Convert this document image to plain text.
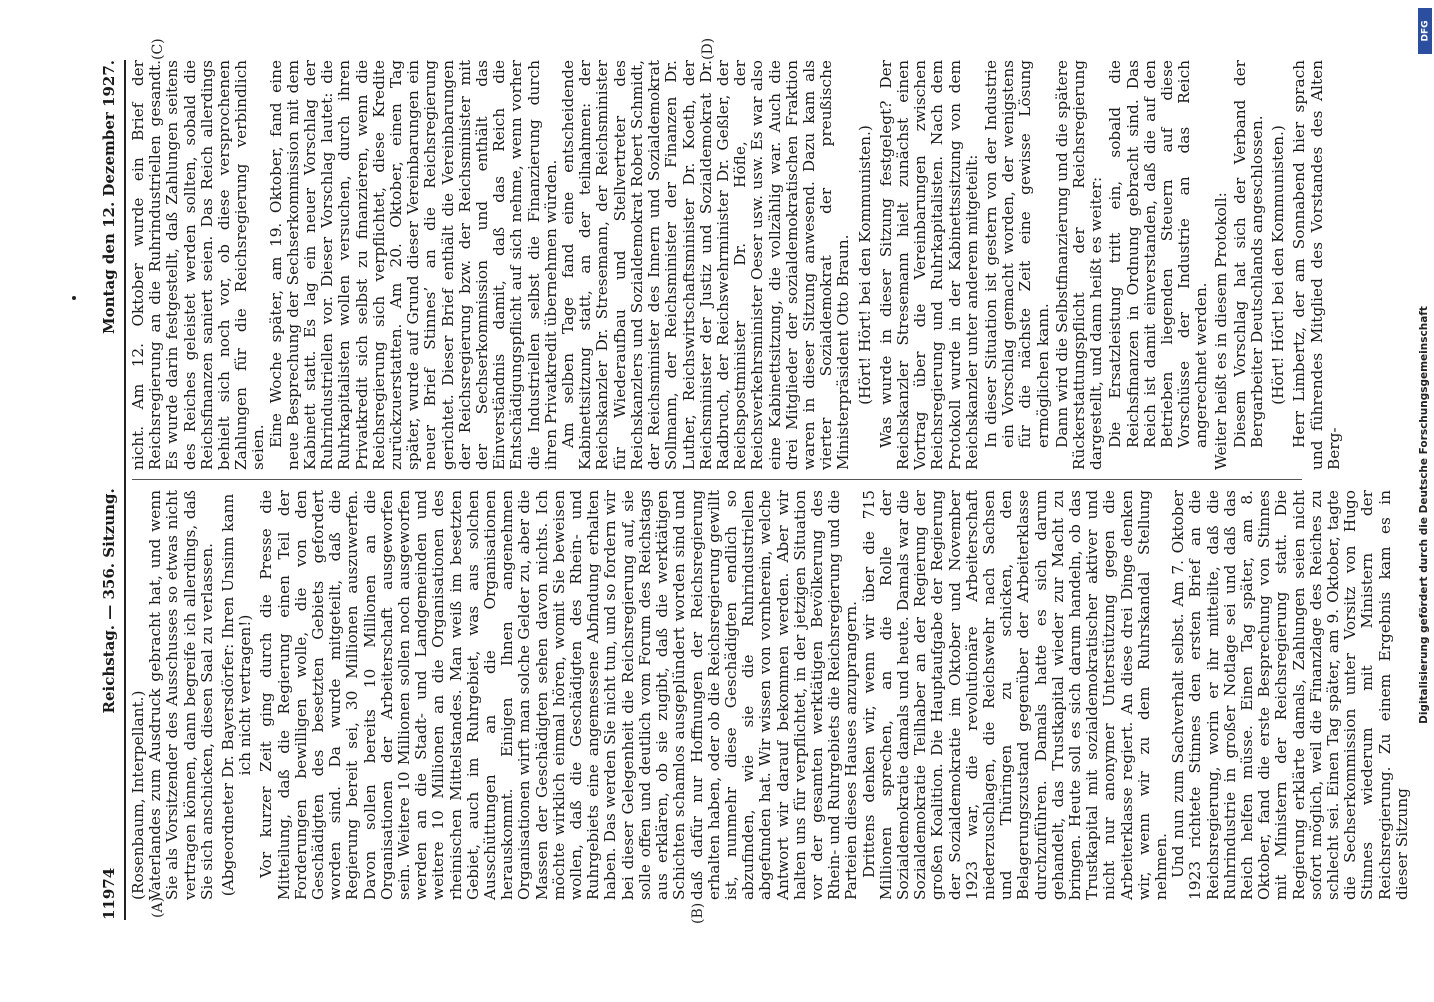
11974
Reichstag. — 356. Sitzung.
Montag den 12. Dezember 1927.
(A)	(B)
(C)	(D)

(Rosenbaum, Interpellant.) Vaterlandes zum Ausdruck gebracht hat, und wenn Sie als Vorsitzender des Ausschusses so etwas nicht vertragen können, dann begreife ich allerdings, daß Sie sich anschicken, diesen Saal zu verlassen. (Abgeordneter Dr. Bayersdörfer: Ihren Unsinn kann ich nicht vertragen!) Vor kurzer Zeit ging durch die Presse die Mitteilung, daß die Regierung einen Teil der Forderungen bewilligen wolle, die von den Geschädigten des besetzten Gebiets gefordert worden sind. Da wurde mitgeteilt, daß die Regierung bereit sei, 30 Millionen auszuwerfen. Davon sollen bereits 10 Millionen an die Organisationen der Arbeiterschaft ausgeworfen sein. Weitere 10 Millionen sollen noch ausgeworfen werden an die Stadt- und Landgemeinden und weitere 10 Millionen an die Organisationen des rheinischen Mittelstandes. Man weiß im besetzten Gebiet, auch im Ruhrgebiet, was aus solchen Ausschüttungen an die Organisationen herauskommt. Einigen Ihnen angenehmen Organisationen wirft man solche Gelder zu, aber die Massen der Geschädigten sehen davon nichts. Ich möchte wirklich einmal hören, womit Sie beweisen wollen, daß die Geschädigten des Rhein- und Ruhrgebiets eine angemessene Abfindung erhalten haben. Das werden Sie nicht tun, und so fordern wir bei dieser Gelegenheit die Reichsregierung auf, sie solle offen und deutlich vom Forum des Reichstags aus erklären, ob sie zugibt, daß die werktätigen Schichten schamlos ausgeplündert worden sind und daß dafür nur Hoffnungen der Reichsregierung erhalten haben, oder ob die Reichsregierung gewillt ist, nunmehr diese Geschädigten endlich so abzufinden, wie sie die Ruhrindustriellen abgefunden hat. Wir wissen von vornherein, welche Antwort wir darauf bekommen werden. Aber wir halten uns für verpflichtet, in der jetzigen Situation vor der gesamten werktätigen Bevölkerung des Rhein- und Ruhrgebiets die Reichsregierung und die Parteien dieses Hauses anzuprangern. Drittens denken wir, wenn wir über die 715 Millionen sprechen, an die Rolle der Sozialdemokratie damals und heute. Damals war die Sozialdemokratie Teilhaber an der Regierung der großen Koalition. Die Hauptaufgabe der Regierung der Sozialdemokratie im Oktober und November 1923 war, die revolutionäre Arbeiterschaft niederzuschlagen, die Reichswehr nach Sachsen und Thüringen zu schicken, den Belagerungszustand gegenüber der Arbeiterklasse durchzuführen. Damals hatte es sich darum gehandelt, das Trustkapital wieder zur Macht zu bringen. Heute soll es sich darum handeln, ob das Trustkapital mit sozialdemokratischer aktiver und nicht nur anonymer Unterstützung gegen die Arbeiterklasse regiert. An diese drei Dinge denken wir, wenn wir zu dem Ruhrskandal Stellung nehmen. Und nun zum Sachverhalt selbst. Am 7. Oktober 1923 richtete Stinnes den ersten Brief an die Reichsregierung, worin er ihr mitteilte, daß die Ruhrindustrie in großer Notlage sei und daß das Reich helfen müsse. Einen Tag später, am 8. Oktober, fand die erste Besprechung von Stinnes mit Ministern der Reichsregierung statt. Die Regierung erklärte damals, Zahlungen seien nicht sofort möglich, weil die Finanzlage des Reiches zu schlecht sei. Einen Tag später, am 9. Oktober, tagte die Sechserkommission unter Vorsitz von Hugo Stinnes wiederum mit Ministern der Reichsregierung. Zu einem Ergebnis kam es in dieser Sitzung

nicht. Am 12. Oktober wurde ein Brief der Reichsregierung an die Ruhrindustriellen gesandt. Es wurde darin festgestellt, daß Zahlungen seitens des Reiches geleistet werden sollten, sobald die Reichsfinanzen saniert seien. Das Reich allerdings behielt sich noch vor, ob diese versprochenen Zahlungen für die Reichsregierung verbindlich seien. Eine Woche später, am 19. Oktober, fand eine neue Besprechung der Sechserkommission mit dem Kabinett statt. Es lag ein neuer Vorschlag der Ruhrindustriellen vor. Dieser Vorschlag lautet: die Ruhrkapitalisten wollen versuchen, durch ihren Privatkredit sich selbst zu finanzieren, wenn die Reichsregierung sich verpflichtet, diese Kredite zurückzuerstatten. Am 20. Oktober, einen Tag später, wurde auf Grund dieser Vereinbarungen ein neuer Brief Stinnes’ an die Reichsregierung gerichtet. Dieser Brief enthält die Vereinbarungen der Reichsregierung bzw. der Reichsminister mit der Sechserkommission und enthält das Einverständnis damit, daß das Reich die Entschädigungspflicht auf sich nehme, wenn vorher die Industriellen selbst die Finanzierung durch ihren Privatkredit übernehmen würden. Am selben Tage fand eine entscheidende Kabinettsitzung statt, an der teilnahmen: der Reichskanzler Dr. Stresemann, der Reichsminister für Wiederaufbau und Stellvertreter des Reichskanzlers und Sozialdemokrat Robert Schmidt, der Reichsminister des Innern und Sozialdemokrat Sollmann, der Reichsminister der Finanzen Dr. Luther, Reichswirtschaftsminister Dr. Koeth, der Reichsminister der Justiz und Sozialdemokrat Dr. Radbruch, der Reichswehrminister Dr. Geßler, der Reichspostminister Dr. Höfle, der Reichsverkehrsminister Oeser usw. usw. Es war also eine Kabinettsitzung, die vollzählig war. Auch die drei Mitglieder der sozialdemokratischen Fraktion waren in dieser Sitzung anwesend. Dazu kam als vierter Sozialdemokrat der preußische Ministerpräsident Otto Braun. (Hört! Hört! bei den Kommunisten.) Was wurde in dieser Sitzung festgelegt? Der Reichskanzler Stresemann hielt zunächst einen Vortrag über die Vereinbarungen zwischen Reichsregierung und Ruhrkapitalisten. Nach dem Protokoll wurde in der Kabinettssitzung von dem Reichskanzler unter anderem mitgeteilt: In dieser Situation ist gestern von der Industrie ein Vorschlag gemacht worden, der wenigstens für die nächste Zeit eine gewisse Lösung ermöglichen kann. Dann wird die Selbstfinanzierung und die spätere Rückerstattungspflicht der Reichsregierung dargestellt, und dann heißt es weiter: Die Ersatzleistung tritt ein, sobald die Reichsfinanzen in Ordnung gebracht sind. Das Reich ist damit einverstanden, daß die auf den Betrieben liegenden Steuern auf diese Vorschüsse der Industrie an das Reich angerechnet werden. Weiter heißt es in diesem Protokoll: Diesem Vorschlag hat sich der Verband der Bergarbeiter Deutschlands angeschlossen. (Hört! Hört! bei den Kommunisten.) Herr Limbertz, der am Sonnabend hier sprach und führendes Mitglied des Vorstandes des Alten Berg-

DFG
Digitalisierung gefördert durch die Deutsche Forschungsgemeinschaft
